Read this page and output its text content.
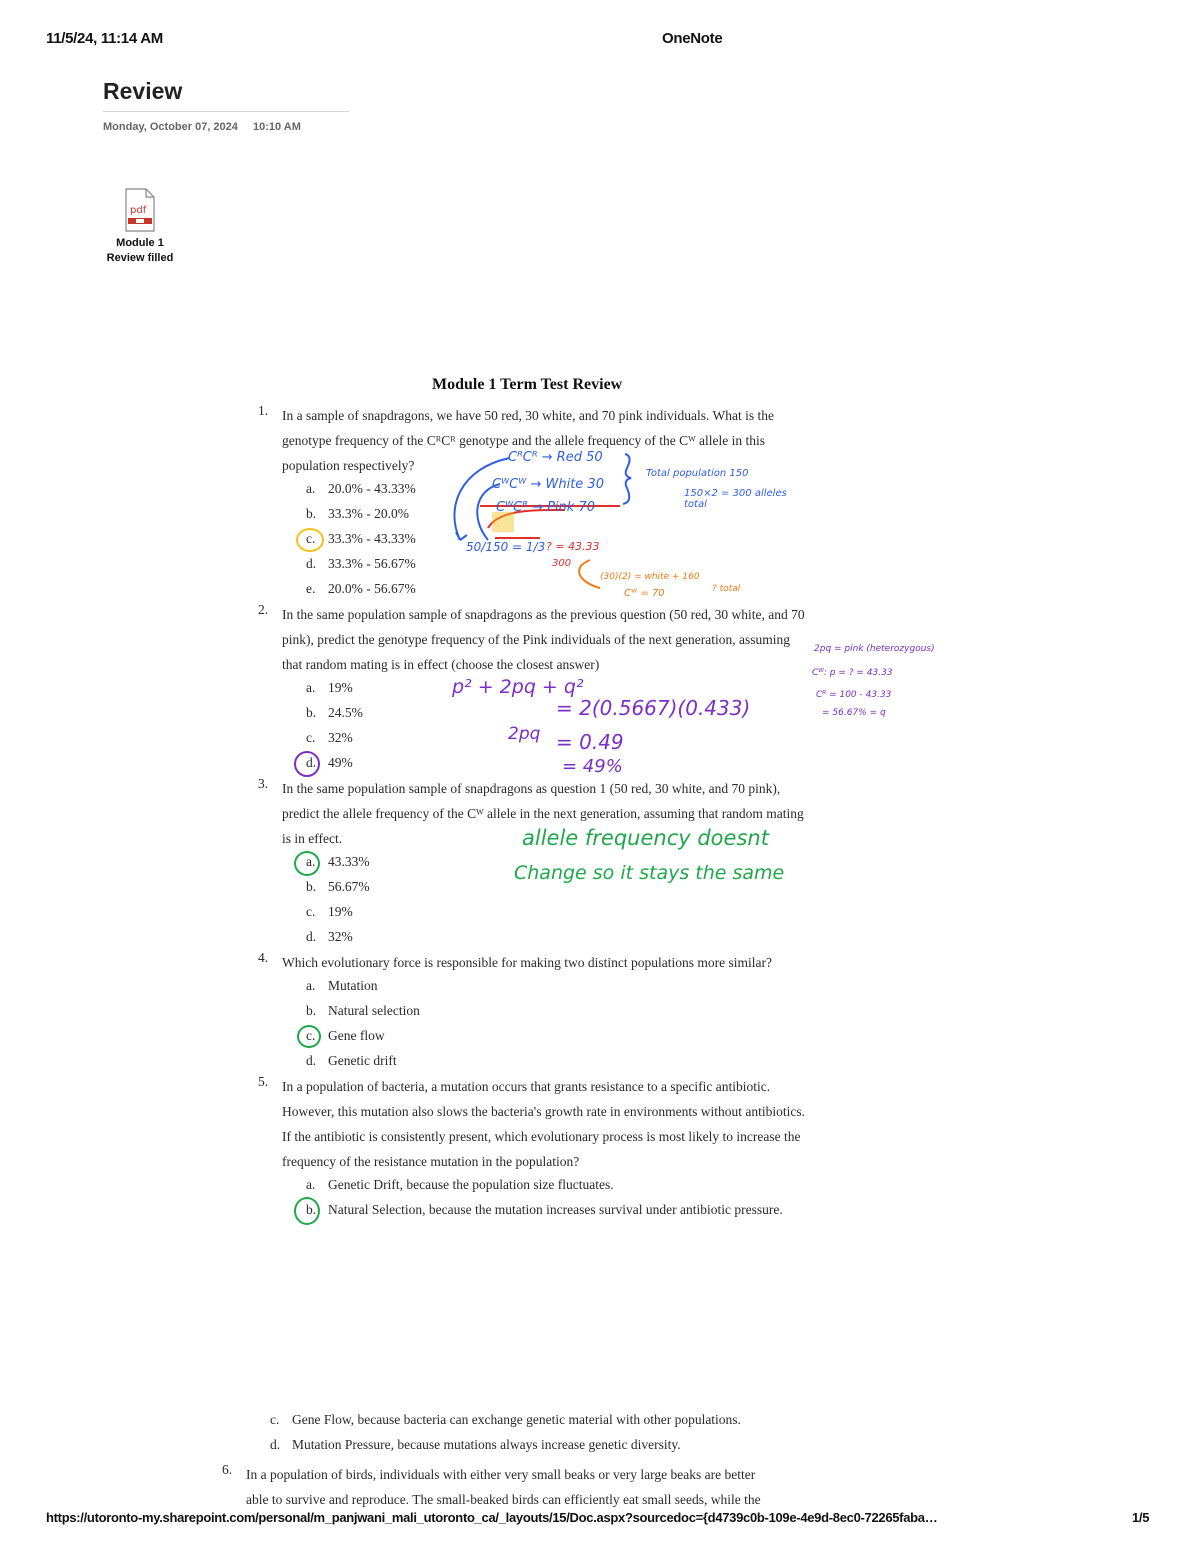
11/5/24, 11:14 AM	OneNote
Review
Monday, October 07, 2024 10:10 AM
pdf
Module 1
Review filled
Module 1 Term Test Review
1. In a sample of snapdragons, we have 50 red, 30 white, and 70 pink individuals. What is the
genotype frequency of the CᴿCᴿ genotype and the allele frequency of the Cᵂ allele in this
population respectively?
a. 20.0% - 43.33%
b. 33.3% - 20.0%
c. 33.3% - 43.33%
d. 33.3% - 56.67%
e. 20.0% - 56.67%
CᴿCᴿ → Red 50
CᵂCᵂ → White 30
CᵂCᴿ → Pink 70
Total population 150
150×2 = 300 alleles total
50/150 = 1/3 ? = 43.33
300
(30)(2) = white + 160
Cᵂ = 70	? total
2. In the same population sample of snapdragons as the previous question (50 red, 30 white, and 70
pink), predict the genotype frequency of the Pink individuals of the next generation, assuming
that random mating is in effect (choose the closest answer)
a. 19%
b. 24.5%
c. 32%
d. 49%
p² + 2pq + q²
2pq
= 2(0.5667)(0.433)
= 0.49
= 49%
2pq = pink (heterozygous)
Cᵂ: p = ? = 43.33
Cᴿ = 100 - 43.33
= 56.67% = q
3. In the same population sample of snapdragons as question 1 (50 red, 30 white, and 70 pink),
predict the allele frequency of the Cᵂ allele in the next generation, assuming that random mating
is in effect.
a. 43.33%
b. 56.67%
c. 19%
d. 32%
allele frequency doesnt
Change so it stays the same
4. Which evolutionary force is responsible for making two distinct populations more similar?
a. Mutation
b. Natural selection
c. Gene flow
d. Genetic drift
5. In a population of bacteria, a mutation occurs that grants resistance to a specific antibiotic.
However, this mutation also slows the bacteria's growth rate in environments without antibiotics.
If the antibiotic is consistently present, which evolutionary process is most likely to increase the
frequency of the resistance mutation in the population?
a. Genetic Drift, because the population size fluctuates.
b. Natural Selection, because the mutation increases survival under antibiotic pressure.
c. Gene Flow, because bacteria can exchange genetic material with other populations.
d. Mutation Pressure, because mutations always increase genetic diversity.
6. In a population of birds, individuals with either very small beaks or very large beaks are better
able to survive and reproduce. The small-beaked birds can efficiently eat small seeds, while the
https://utoronto-my.sharepoint.com/personal/m_panjwani_mali_utoronto_ca/_layouts/15/Doc.aspx?sourcedoc={d4739c0b-109e-4e9d-8ec0-72265faba…	1/5
